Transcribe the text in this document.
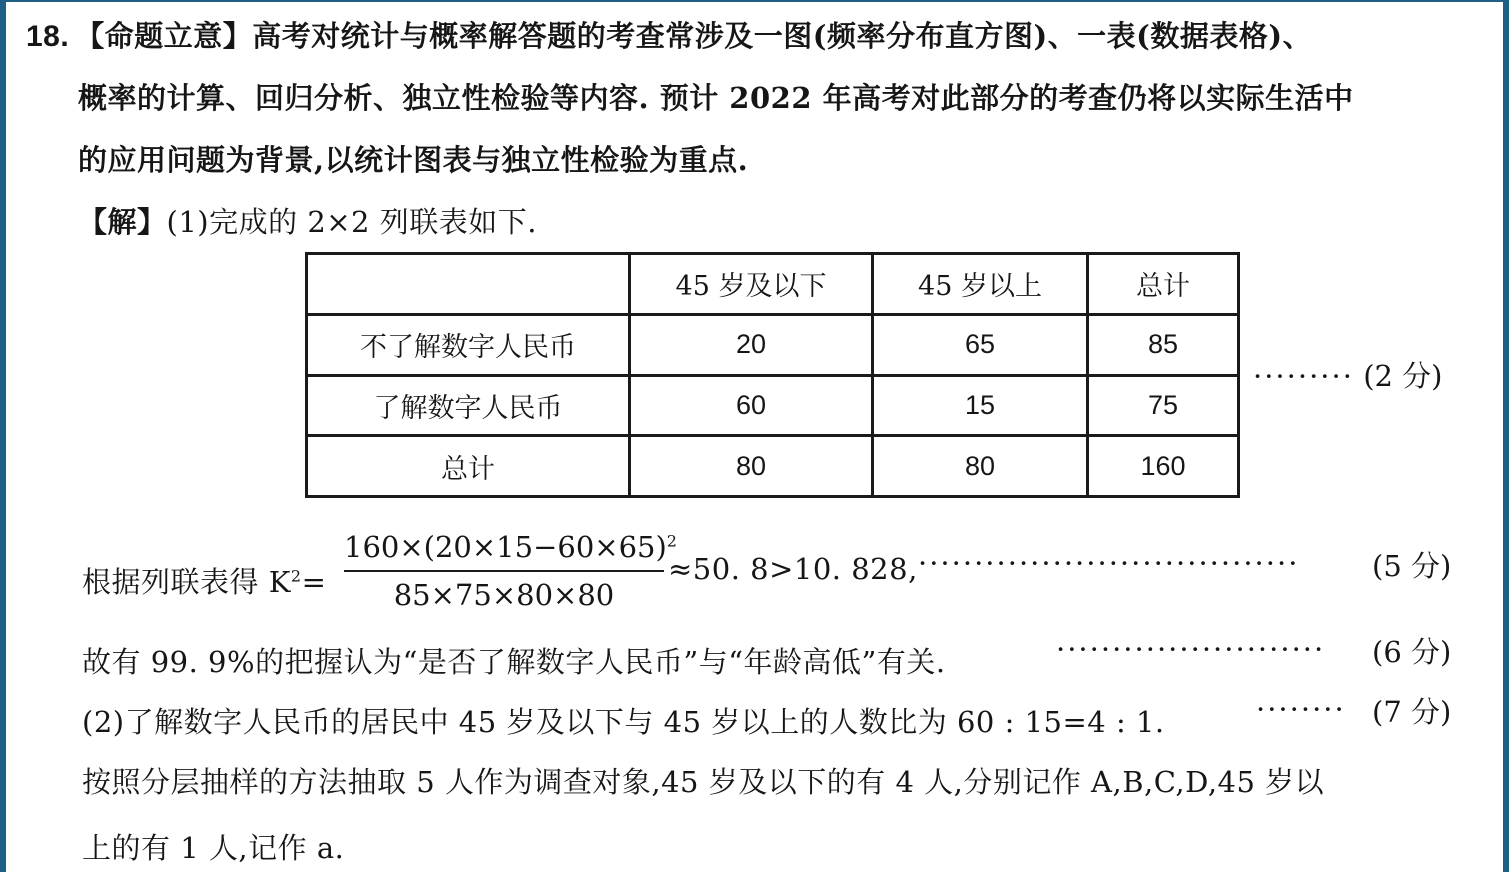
18. 【命题立意】高考对统计与概率解答题的考查常涉及一图(频率分布直方图)、一表(数据表格)、
概率的计算、回归分析、独立性检验等内容. 预计 2022 年高考对此部分的考查仍将以实际生活中
的应用问题为背景,以统计图表与独立性检验为重点.
【解】(1)完成的 2×2 列联表如下.
	45 岁及以下	45 岁以上	总计
不了解数字人民币	20	65	85
了解数字人民币	60	15	75
总计	80	80	160
········· (2 分)
根据列联表得 $K^2=$
$160\times(20\times 15-60\times 65)^2$
85×75×80×80
≈50. 8>10. 828, ··································	(5 分)
故有 99. 9%的把握认为“是否了解数字人民币”与“年龄高低”有关.	························ (6 分)
(2)了解数字人民币的居民中 45 岁及以下与 45 岁以上的人数比为 60 : 15=4 : 1.	········ (7 分)
按照分层抽样的方法抽取 5 人作为调查对象,45 岁及以下的有 4 人,分别记作 A,B,C,D,45 岁以
上的有 1 人,记作 a.
